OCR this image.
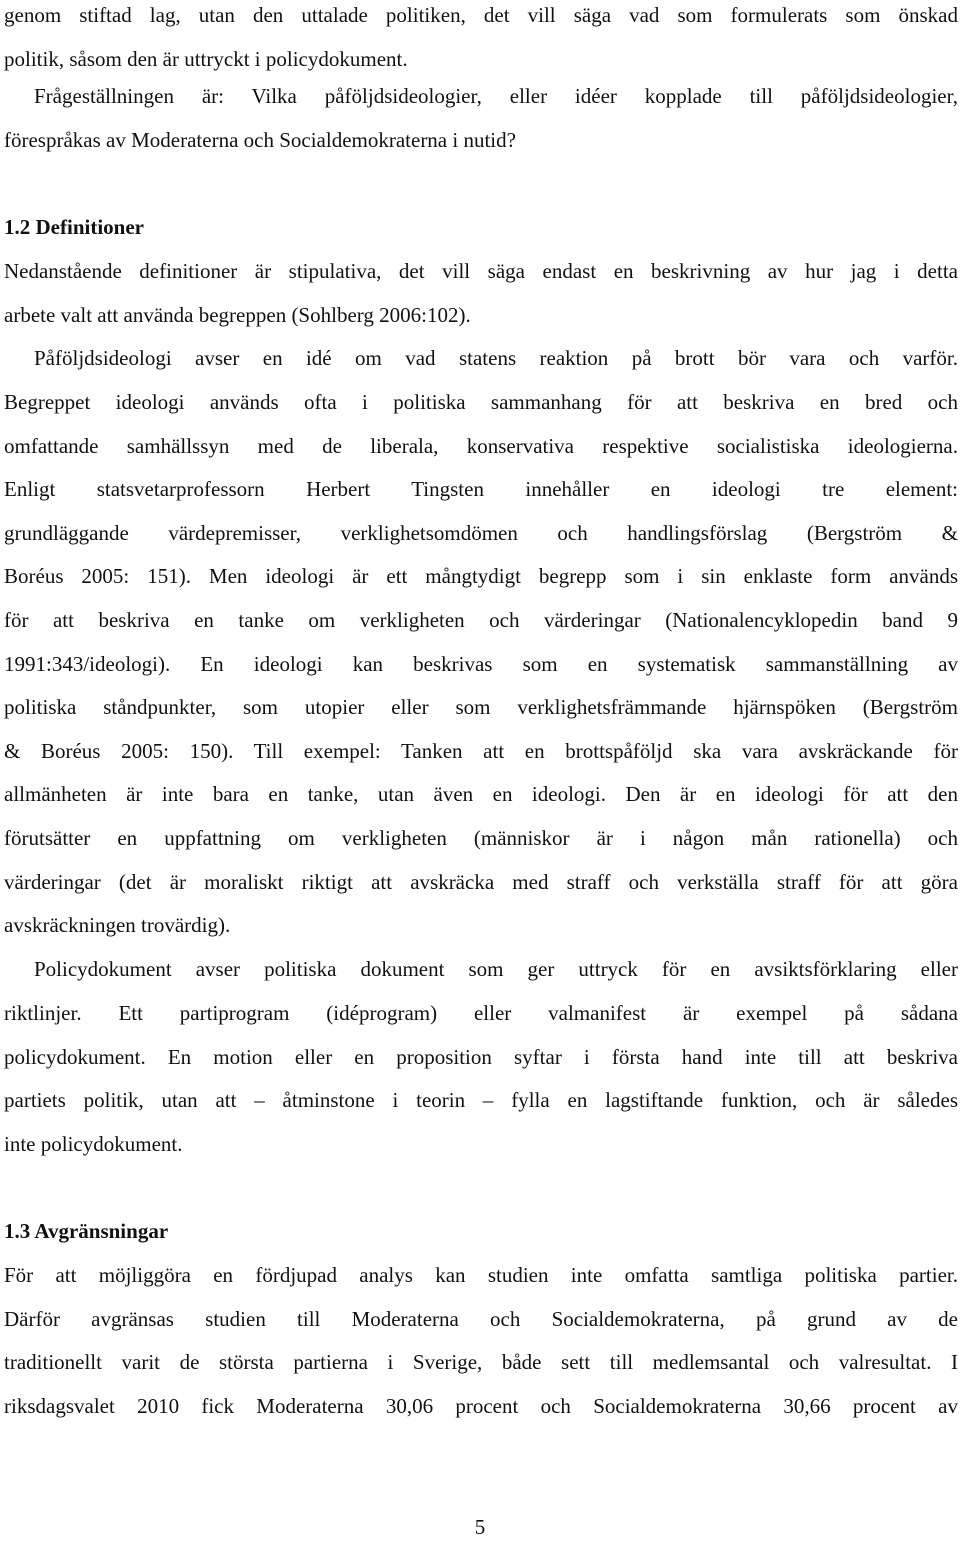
genom stiftad lag, utan den uttalade politiken, det vill säga vad som formulerats som önskad
politik, såsom den är uttryckt i policydokument.
Frågeställningen är: Vilka påföljdsideologier, eller idéer kopplade till påföljdsideologier,
förespråkas av Moderaterna och Socialdemokraterna i nutid?
1.2 Definitioner
Nedanstående definitioner är stipulativa, det vill säga endast en beskrivning av hur jag i detta
arbete valt att använda begreppen (Sohlberg 2006:102).
Påföljdsideologi avser en idé om vad statens reaktion på brott bör vara och varför.
Begreppet ideologi används ofta i politiska sammanhang för att beskriva en bred och
omfattande samhällssyn med de liberala, konservativa respektive socialistiska ideologierna.
Enligt statsvetarprofessorn Herbert Tingsten innehåller en ideologi tre element:
grundläggande värdepremisser, verklighetsomdömen och handlingsförslag (Bergström &
Boréus 2005: 151). Men ideologi är ett mångtydigt begrepp som i sin enklaste form används
för att beskriva en tanke om verkligheten och värderingar (Nationalencyklopedin band 9
1991:343/ideologi). En ideologi kan beskrivas som en systematisk sammanställning av
politiska ståndpunkter, som utopier eller som verklighetsfrämmande hjärnspöken (Bergström
& Boréus 2005: 150). Till exempel: Tanken att en brottspåföljd ska vara avskräckande för
allmänheten är inte bara en tanke, utan även en ideologi. Den är en ideologi för att den
förutsätter en uppfattning om verkligheten (människor är i någon mån rationella) och
värderingar (det är moraliskt riktigt att avskräcka med straff och verkställa straff för att göra
avskräckningen trovärdig).
Policydokument avser politiska dokument som ger uttryck för en avsiktsförklaring eller
riktlinjer. Ett partiprogram (idéprogram) eller valmanifest är exempel på sådana
policydokument. En motion eller en proposition syftar i första hand inte till att beskriva
partiets politik, utan att – åtminstone i teorin – fylla en lagstiftande funktion, och är således
inte policydokument.
1.3 Avgränsningar
För att möjliggöra en fördjupad analys kan studien inte omfatta samtliga politiska partier.
Därför avgränsas studien till Moderaterna och Socialdemokraterna, på grund av de
traditionellt varit de största partierna i Sverige, både sett till medlemsantal och valresultat. I
riksdagsvalet 2010 fick Moderaterna 30,06 procent och Socialdemokraterna 30,66 procent av
5
